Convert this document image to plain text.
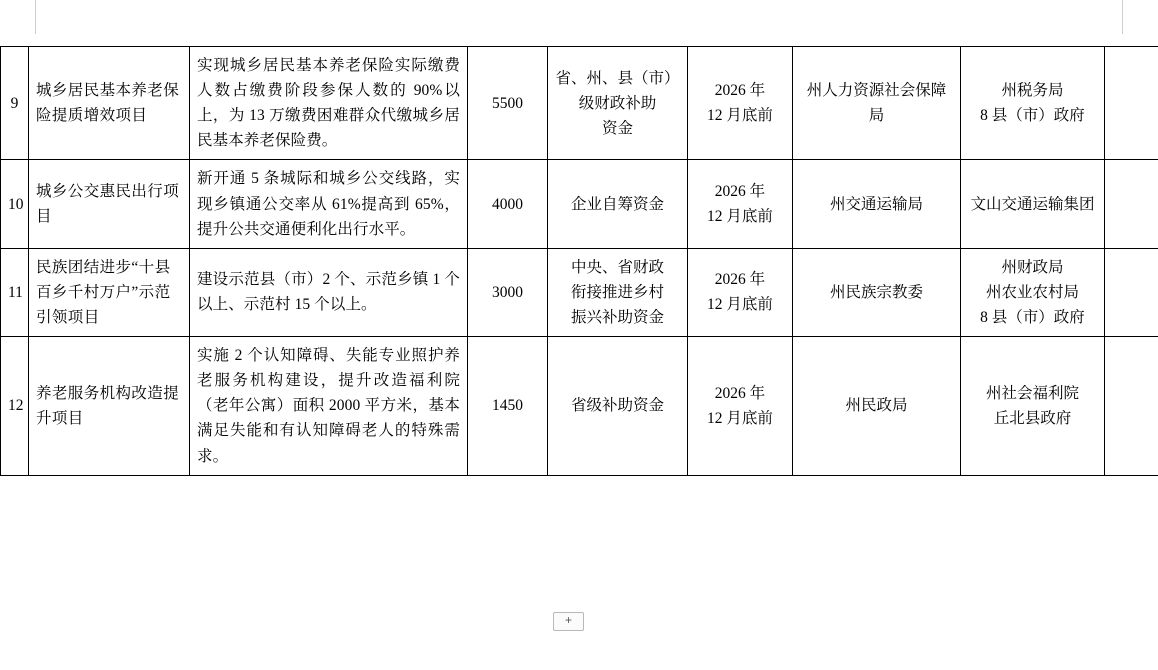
9	城乡居民基本养老保险提质增效项目	实现城乡居民基本养老保险实际缴费人数占缴费阶段参保人数的 90%以上，为 13 万缴费困难群众代缴城乡居民基本养老保险费。	5500	省、州、县（市）
级财政补助
资金	2026 年
12 月底前	州人力资源社会保障局	州税务局
8 县（市）政府	

10	城乡公交惠民出行项目	新开通 5 条城际和城乡公交线路，实现乡镇通公交率从 61%提高到 65%，提升公共交通便利化出行水平。	4000	企业自筹资金	2026 年
12 月底前	州交通运输局	文山交通运输集团	

11	民族团结进步“十县百乡千村万户”示范引领项目	建设示范县（市）2 个、示范乡镇 1 个以上、示范村 15 个以上。	3000	中央、省财政
衔接推进乡村
振兴补助资金	2026 年
12 月底前	州民族宗教委	州财政局
州农业农村局
8 县（市）政府	

12	养老服务机构改造提升项目	实施 2 个认知障碍、失能专业照护养老服务机构建设，提升改造福利院（老年公寓）面积 2000 平方米，基本满足失能和有认知障碍老人的特殊需求。	1450	省级补助资金	2026 年
12 月底前	州民政局	州社会福利院
丘北县政府	

+
